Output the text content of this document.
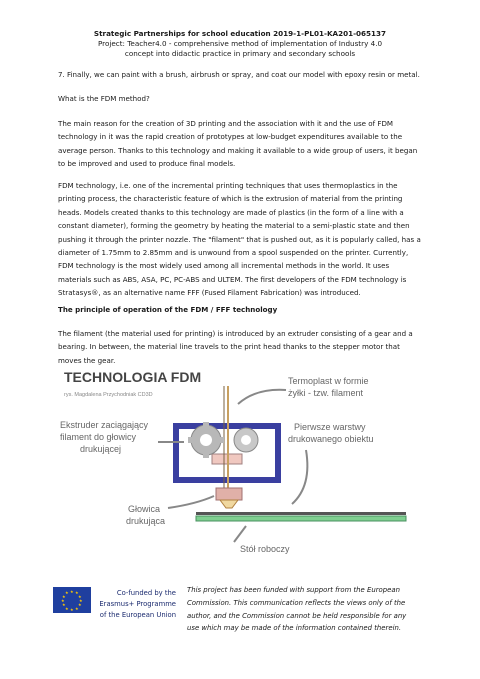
Strategic Partnerships for school education 2019-1-PL01-KA201-065137
Project: Teacher4.0 - comprehensive method of implementation of Industry 4.0
concept into didactic practice in primary and secondary schools
7. Finally, we can paint with a brush, airbrush or spray, and coat our model with epoxy resin or metal.
What is the FDM method?
The main reason for the creation of 3D printing and the association with it and the use of FDM
technology in it was the rapid creation of prototypes at low-budget expenditures available to the
average person. Thanks to this technology and making it available to a wide group of users, it began
to be improved and used to produce final models.
FDM technology, i.e. one of the incremental printing techniques that uses thermoplastics in the
printing process, the characteristic feature of which is the extrusion of material from the printing
heads. Models created thanks to this technology are made of plastics (in the form of a line with a
constant diameter), forming the geometry by heating the material to a semi-plastic state and then
pushing it through the printer nozzle. The "filament" that is pushed out, as it is popularly called, has a
diameter of 1.75mm to 2.85mm and is unwound from a spool suspended on the printer. Currently,
FDM technology is the most widely used among all incremental methods in the world. It uses
materials such as ABS, ASA, PC, PC-ABS and ULTEM. The first developers of the FDM technology is
Stratasys®, as an alternative name FFF (Fused Filament Fabrication) was introduced.
The principle of operation of the FDM / FFF technology
The filament (the material used for printing) is introduced by an extruder consisting of a gear and a
bearing. In between, the material line travels to the print head thanks to the stepper motor that
moves the gear.
TECHNOLOGIA FDM
rys. Magdalena Przychodniak CD3D
Termoplast w formie
żyłki - tzw. filament
Ekstruder zaciągający
filament do głowicy
drukującej
Pierwsze warstwy
drukowanego obiektu
Głowica
drukująca
Stół roboczy
★ ★
★
★
★
★
★
★
★
★
★
★	Co-funded by the
Erasmus+ Programme
of the European Union
This project has been funded with support from the European
Commission. This communication reflects the views only of the
author, and the Commission cannot be held responsible for any
use which may be made of the information contained therein.
